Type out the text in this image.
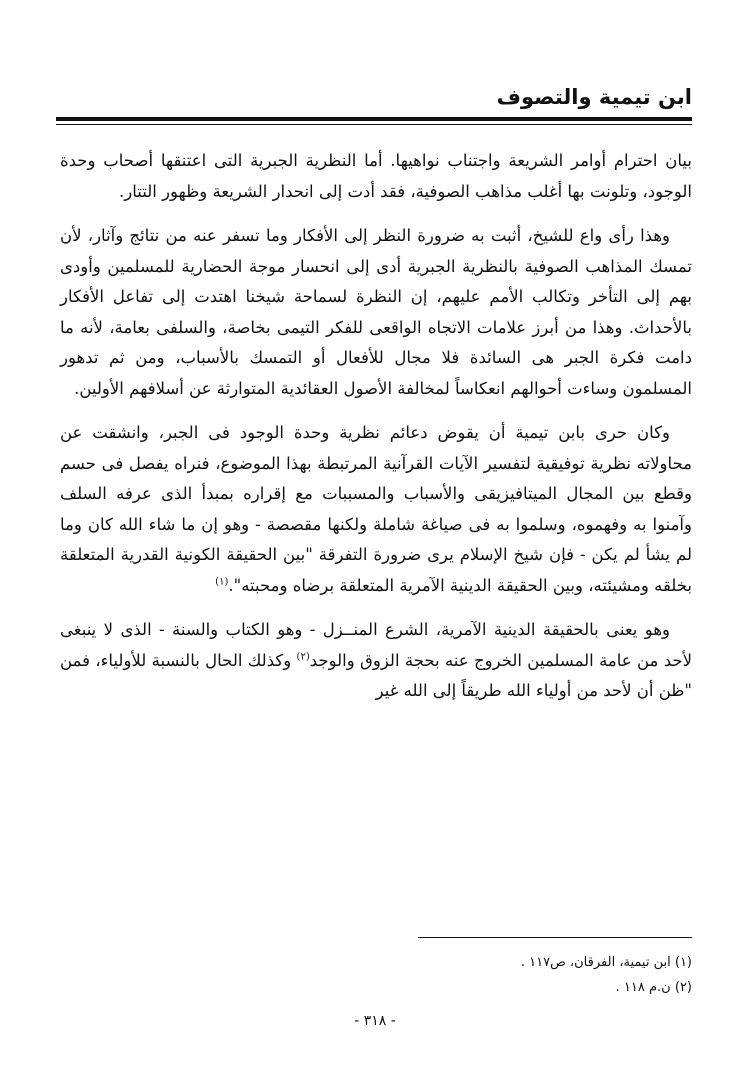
ابن تيمية والتصوف

بيان احترام أوامر الشريعة واجتناب نواهيها. أما النظرية الجبرية التى اعتنقها أصحاب وحدة الوجود، وتلونت بها أغلب مذاهب الصوفية، فقد أدت إلى انحدار الشريعة وظهور التتار.

وهذا رأى واع للشيخ، أثبت به ضرورة النظر إلى الأفكار وما تسفر عنه من نتائج وآثار، لأن تمسك المذاهب الصوفية بالنظرية الجبرية أدى إلى انحسار موجة الحضارية للمسلمين وأودى بهم إلى التأخر وتكالب الأمم عليهم، إن النظرة لسماحة شيخنا اهتدت إلى تفاعل الأفكار بالأحداث. وهذا من أبرز علامات الاتجاه الواقعى للفكر التيمى بخاصة، والسلفى بعامة، لأنه ما دامت فكرة الجبر هى السائدة فلا مجال للأفعال أو التمسك بالأسباب، ومن ثم تدهور المسلمون وساءت أحوالهم انعكاساً لمخالفة الأصول العقائدية المتوارثة عن أسلافهم الأولين.

وكان حرى بابن تيمية أن يقوض دعائم نظرية وحدة الوجود فى الجبر، وانشقت عن محاولاته نظرية توفيقية لتفسير الآيات القرآنية المرتبطة بهذا الموضوع، فنراه يفصل فى حسم وقطع بين المجال الميتافيزيقى والأسباب والمسببات مع إقراره بمبدأ الذى عرفه السلف وآمنوا به وفهموه، وسلموا به فى صياغة شاملة ولكنها مقصصة - وهو إن ما شاء الله كان وما لم يشأ لم يكن - فإن شيخ الإسلام يرى ضرورة التفرقة "بين الحقيقة الكونية القدرية المتعلقة بخلقه ومشيئته، وبين الحقيقة الدينية الآمرية المتعلقة برضاه ومحبته".$^{(١)}$

وهو يعنى بالحقيقة الدينية الآمرية، الشرع المنــزل - وهو الكتاب والسنة - الذى لا ينبغى لأحد من عامة المسلمين الخروج عنه بحجة الزوق والوجد$^{(٢)}$ وكذلك الحال بالنسبة للأولياء، فمن "ظن أن لأحد من أولياء الله طريقاً إلى الله غير

(١) ابن تيمية، الفرقان، ص١١٧ .
(٢) ن.م ١١٨ .
- ٣١٨ -
